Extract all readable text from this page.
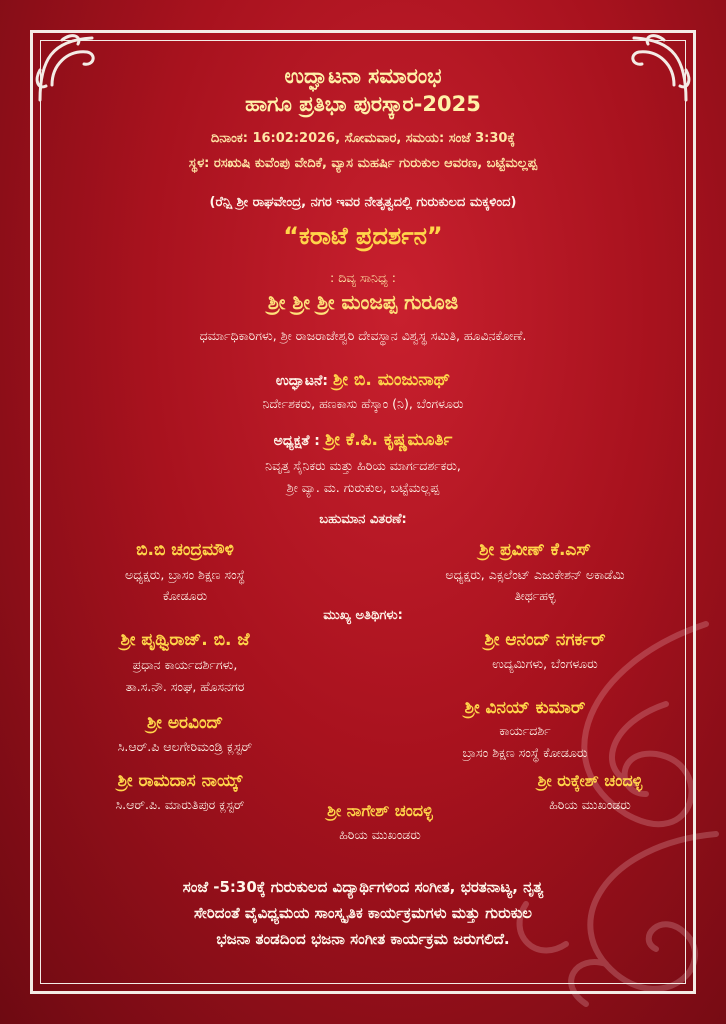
ಉದ್ಘಾಟನಾ ಸಮಾರಂಭ
ಹಾಗೂ ಪ್ರತಿಭಾ ಪುರಸ್ಕಾರ-2025
ದಿನಾಂಕ: 16:02:2026, ಸೋಮವಾರ, ಸಮಯ: ಸಂಜೆ 3:30ಕ್ಕೆ
ಸ್ಥಳ: ರಸಋಷಿ ಕುವೆಂಪು ವೇದಿಕೆ, ವ್ಯಾಸ ಮಹರ್ಷಿ ಗುರುಕುಲ ಆವರಣ, ಬಟ್ಟೆಮಲ್ಲಪ್ಪ
(ರೆನ್ಷಿ ಶ್ರೀ ರಾಘವೇಂದ್ರ, ನಗರ ಇವರ ನೇತೃತ್ವದಲ್ಲಿ ಗುರುಕುಲದ ಮಕ್ಕಳಿಂದ)
“ಕರಾಟೆ ಪ್ರದರ್ಶನ”
: ದಿವ್ಯ ಸಾನಿಧ್ಯ :
ಶ್ರೀ ಶ್ರೀ ಶ್ರೀ ಮಂಜಪ್ಪ ಗುರೂಜಿ
ಧರ್ಮಾಧಿಕಾರಿಗಳು, ಶ್ರೀ ರಾಜರಾಜೇಶ್ವರಿ ದೇವಸ್ಥಾನ ವಿಶ್ವಸ್ಥ ಸಮಿತಿ, ಹೂವಿನಕೋಣೆ.
ಉದ್ಘಾಟನೆ: ಶ್ರೀ ಬಿ. ಮಂಜುನಾಥ್
ನಿರ್ದೇಶಕರು, ಹಣಕಾಸು ಹೆಸ್ಕಾಂ (ನಿ), ಬೆಂಗಳೂರು
ಅಧ್ಯಕ್ಷತೆ : ಶ್ರೀ ಕೆ.ಪಿ. ಕೃಷ್ಣಮೂರ್ತಿ
ನಿವೃತ್ತ ಸೈನಿಕರು ಮತ್ತು ಹಿರಿಯ ಮಾರ್ಗದರ್ಶಕರು,
ಶ್ರೀ ವ್ಯಾ. ಮ. ಗುರುಕುಲ, ಬಟ್ಟೆಮಲ್ಲಪ್ಪ
ಬಹುಮಾನ ವಿತರಣೆ:
ಬಿ.ಬಿ ಚಂದ್ರಮೌಳಿ
ಅಧ್ಯಕ್ಷರು, ಬ್ರಾಸಂ ಶಿಕ್ಷಣ ಸಂಸ್ಥೆ
ಕೋಡೂರು
ಶ್ರೀ ಪ್ರವೀಣ್ ಕೆ.ಎಸ್
ಅಧ್ಯಕ್ಷರು, ಎಕ್ಸಲೆಂಟ್ ಎಜುಕೇಶನ್ ಅಕಾಡೆಮಿ
ತೀರ್ಥಹಳ್ಳಿ
ಮುಖ್ಯ ಅತಿಥಿಗಳು:
ಶ್ರೀ ಪೃಥ್ವಿರಾಜ್. ಬಿ. ಜೆ
ಪ್ರಧಾನ ಕಾರ್ಯದರ್ಶಿಗಳು,
ತಾ.ಸ.ನೌ. ಸಂಘ, ಹೊಸನಗರ
ಶ್ರೀ ಆನಂದ್ ನಗರ್ಕರ್
ಉದ್ಯಮಿಗಳು, ಬೆಂಗಳೂರು
ಶ್ರೀ ಅರವಿಂದ್
ಸಿ.ಆರ್.ಪಿ ಆಲಗೇರಿಮಂಡ್ರಿ ಕ್ಲಸ್ಟರ್
ಶ್ರೀ ವಿನಯ್ ಕುಮಾರ್
ಕಾರ್ಯದರ್ಶಿ
ಬ್ರಾಸಂ ಶಿಕ್ಷಣ ಸಂಸ್ಥೆ ಕೋಡೂರು
ಶ್ರೀ ರಾಮದಾಸ ನಾಯ್ಕ್
ಸಿ.ಆರ್.ಪಿ. ಮಾರುತಿಪುರ ಕ್ಲಸ್ಟರ್	ಶ್ರೀ ನಾಗೇಶ್ ಚಂದಳ್ಳಿ
ಹಿರಿಯ ಮುಖಂಡರು
ಶ್ರೀ ರುಕ್ಕೇಶ್ ಚಂದಳ್ಳಿ
ಹಿರಿಯ ಮುಖಂಡರು
ಸಂಜೆ -5:30ಕ್ಕೆ ಗುರುಕುಲದ ವಿದ್ಯಾರ್ಥಿಗಳಿಂದ ಸಂಗೀತ, ಭರತನಾಟ್ಯ, ನೃತ್ಯ
ಸೇರಿದಂತೆ ವೈವಿಧ್ಯಮಯ ಸಾಂಸ್ಕೃತಿಕ ಕಾರ್ಯಕ್ರಮಗಳು ಮತ್ತು ಗುರುಕುಲ
ಭಜನಾ ತಂಡದಿಂದ ಭಜನಾ ಸಂಗೀತ ಕಾರ್ಯಕ್ರಮ ಜರುಗಲಿದೆ.
